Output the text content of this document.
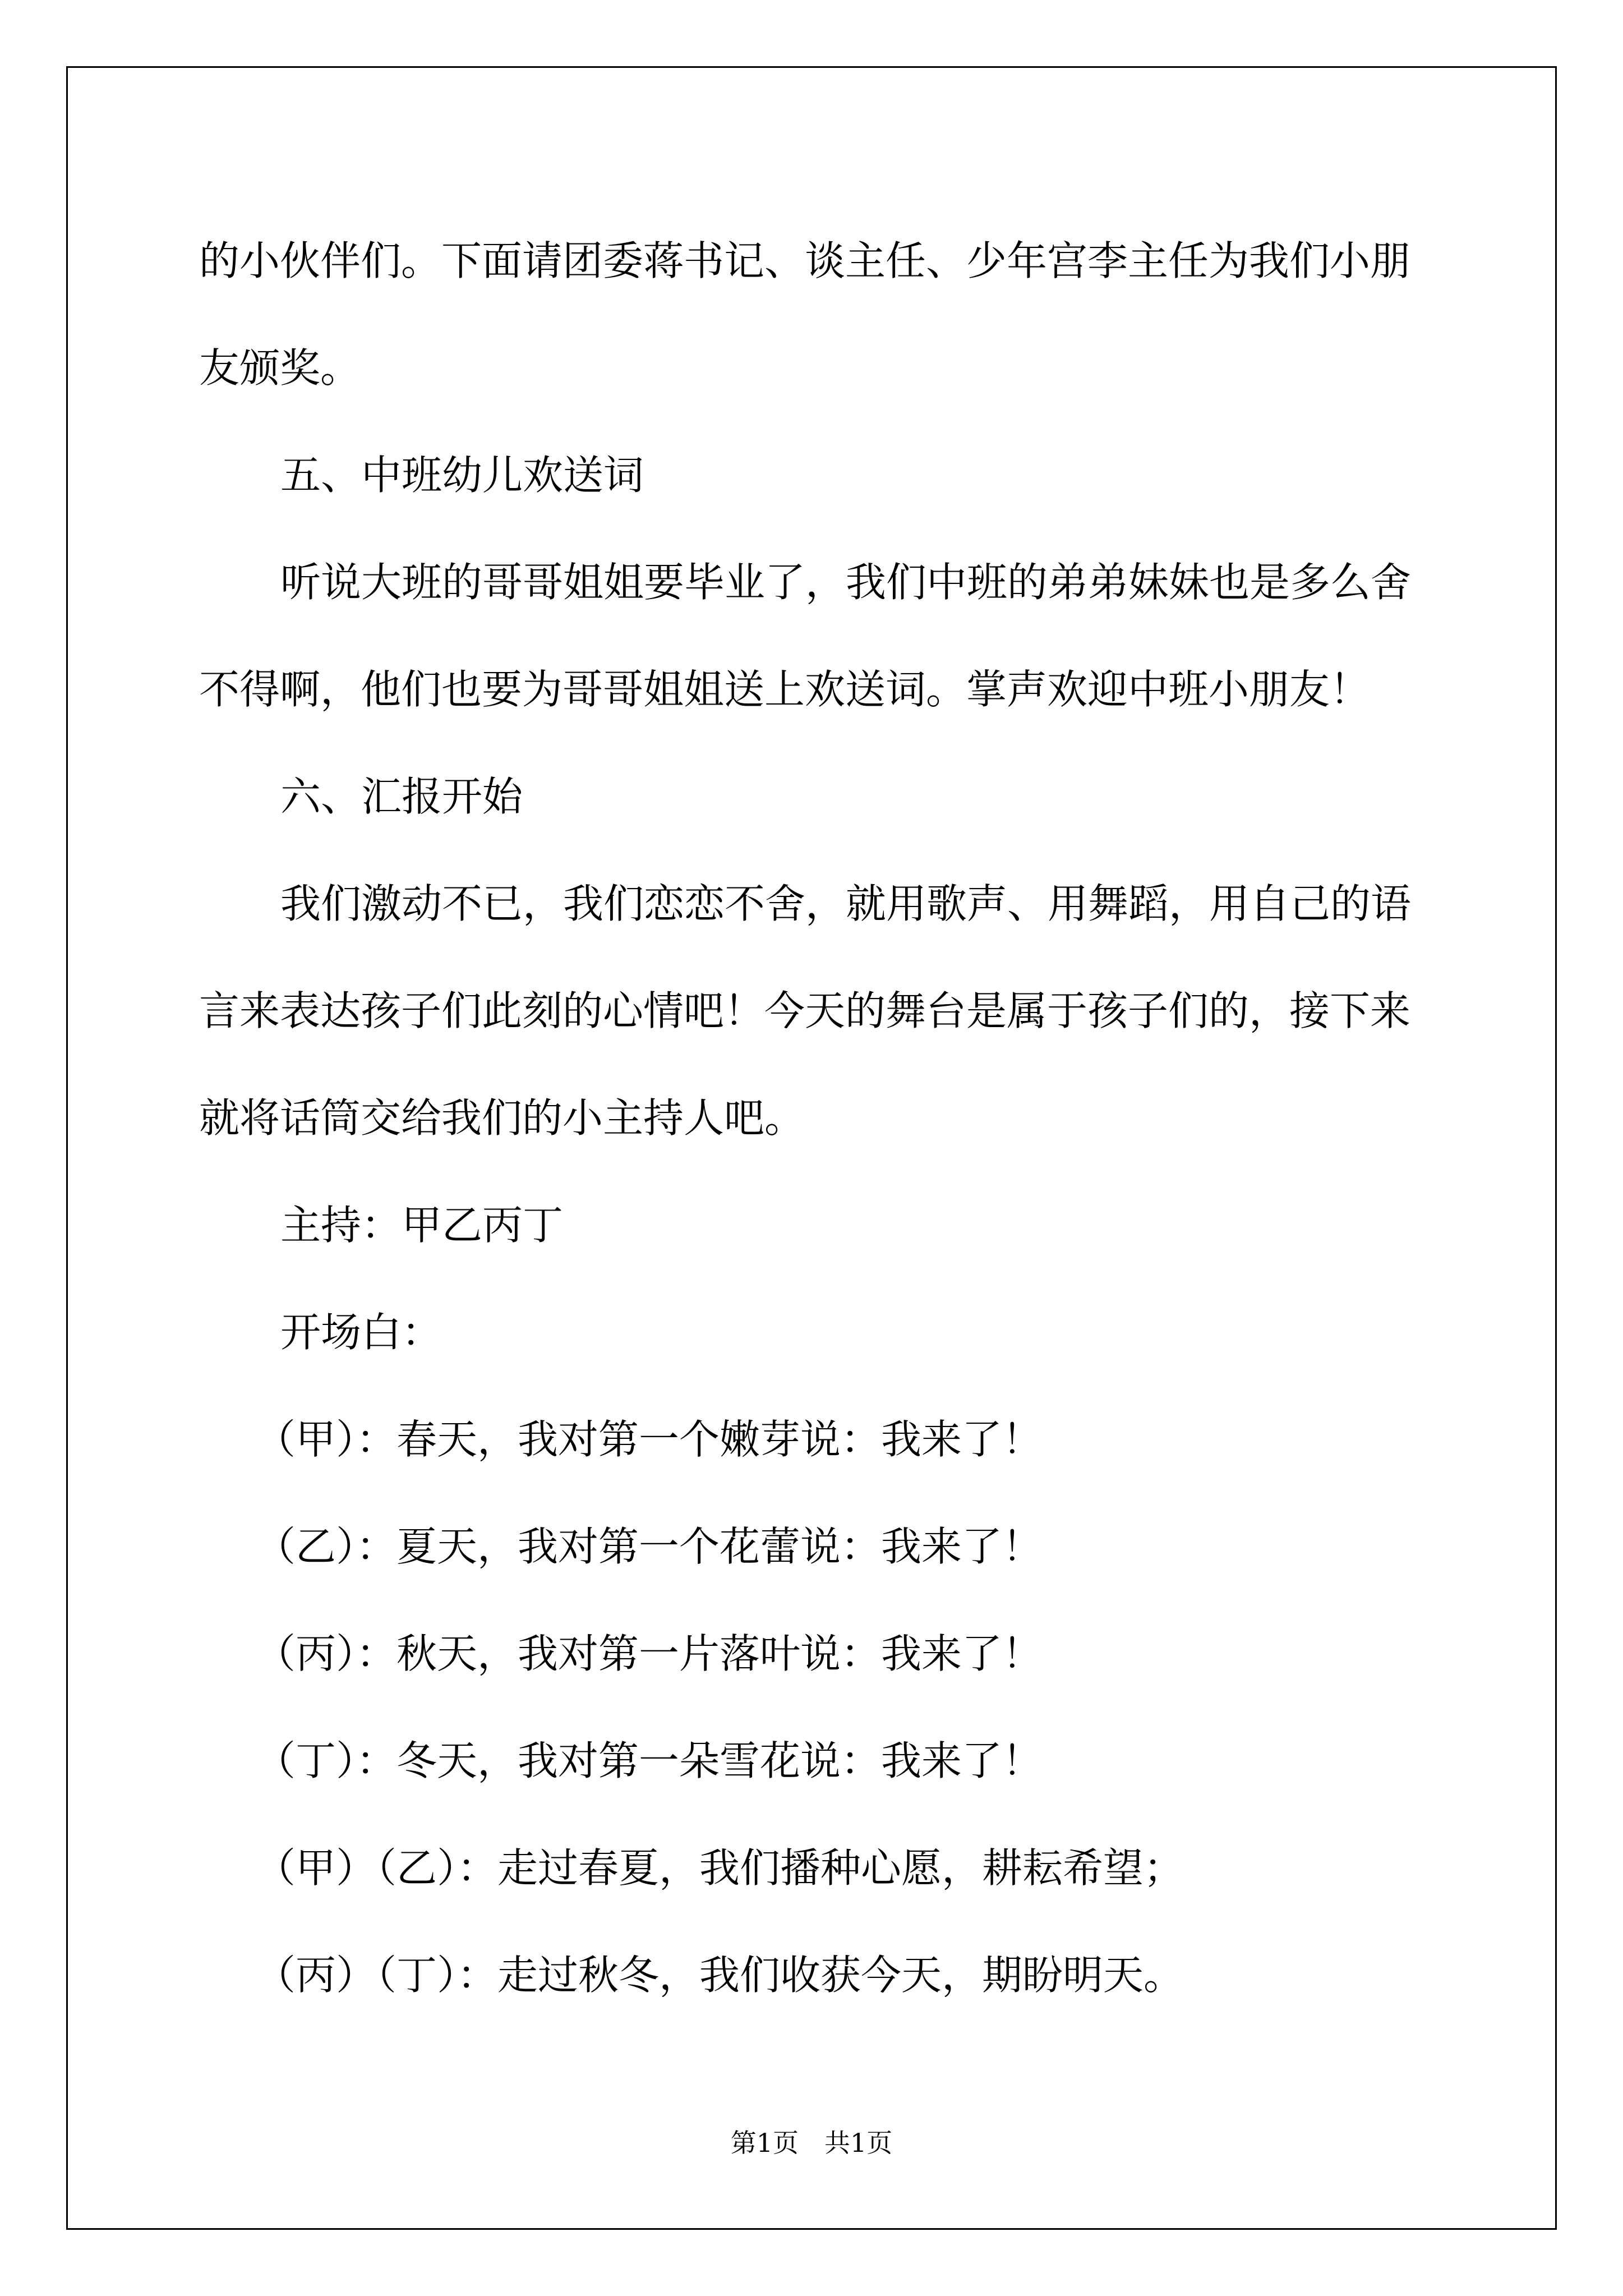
的小伙伴们。下面请团委蒋书记、谈主任、少年宫李主任为我们小朋
友颁奖。
五、中班幼儿欢送词
听说大班的哥哥姐姐要毕业了，我们中班的弟弟妹妹也是多么舍
不得啊，他们也要为哥哥姐姐送上欢送词。掌声欢迎中班小朋友！
六、汇报开始
我们激动不已，我们恋恋不舍，就用歌声、用舞蹈，用自己的语
言来表达孩子们此刻的心情吧！今天的舞台是属于孩子们的，接下来
就将话筒交给我们的小主持人吧。
主持：甲乙丙丁
开场白：
（甲）：春天，我对第一个嫩芽说：我来了！
（乙）：夏天，我对第一个花蕾说：我来了！
（丙）：秋天，我对第一片落叶说：我来了！
（丁）：冬天，我对第一朵雪花说：我来了！
（甲）（乙）：走过春夏，我们播种心愿，耕耘希望；
（丙）（丁）：走过秋冬，我们收获今天，期盼明天。
第1页　共1页
